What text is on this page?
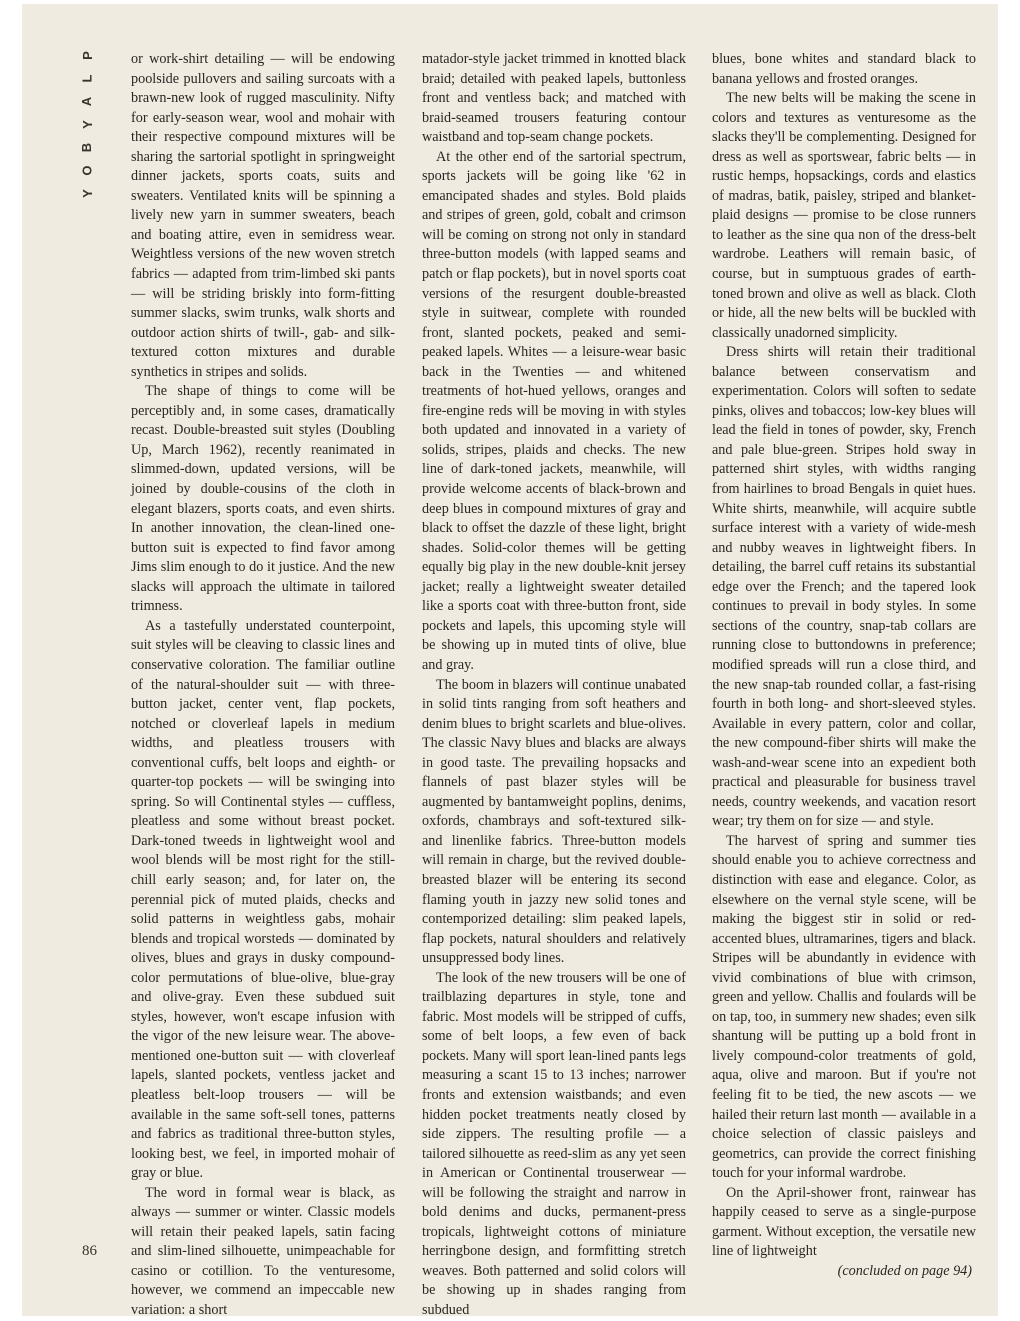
P
L
A
Y
B
O
Y
86

or work-shirt detailing — will be endowing poolside pullovers and sailing surcoats with a brawn-new look of rugged masculinity. Nifty for early-season wear, wool and mohair with their respective compound mixtures will be sharing the sartorial spotlight in springweight dinner jackets, sports coats, suits and sweaters. Ventilated knits will be spinning a lively new yarn in summer sweaters, beach and boating attire, even in semidress wear. Weightless versions of the new woven stretch fabrics — adapted from trim-limbed ski pants — will be striding briskly into form-fitting summer slacks, swim trunks, walk shorts and outdoor action shirts of twill-, gab- and silk-textured cotton mixtures and durable synthetics in stripes and solids.

The shape of things to come will be perceptibly and, in some cases, dramatically recast. Double-breasted suit styles (Doubling Up, March 1962), recently reanimated in slimmed-down, updated versions, will be joined by double-cousins of the cloth in elegant blazers, sports coats, and even shirts. In another innovation, the clean-lined one-button suit is expected to find favor among Jims slim enough to do it justice. And the new slacks will approach the ultimate in tailored trimness.

As a tastefully understated counterpoint, suit styles will be cleaving to classic lines and conservative coloration. The familiar outline of the natural-shoulder suit — with three-button jacket, center vent, flap pockets, notched or cloverleaf lapels in medium widths, and pleatless trousers with conventional cuffs, belt loops and eighth- or quarter-top pockets — will be swinging into spring. So will Continental styles — cuffless, pleatless and some without breast pocket. Dark-toned tweeds in lightweight wool and wool blends will be most right for the still-chill early season; and, for later on, the perennial pick of muted plaids, checks and solid patterns in weightless gabs, mohair blends and tropical worsteds — dominated by olives, blues and grays in dusky compound-color permutations of blue-olive, blue-gray and olive-gray. Even these subdued suit styles, however, won't escape infusion with the vigor of the new leisure wear. The above-mentioned one-button suit — with cloverleaf lapels, slanted pockets, ventless jacket and pleatless belt-loop trousers — will be available in the same soft-sell tones, patterns and fabrics as traditional three-button styles, looking best, we feel, in imported mohair of gray or blue.

The word in formal wear is black, as always — summer or winter. Classic models will retain their peaked lapels, satin facing and slim-lined silhouette, unimpeachable for casino or cotillion. To the venturesome, however, we commend an impeccable new variation: a short

matador-style jacket trimmed in knotted black braid; detailed with peaked lapels, buttonless front and ventless back; and matched with braid-seamed trousers featuring contour waistband and top-seam change pockets.

At the other end of the sartorial spectrum, sports jackets will be going like '62 in emancipated shades and styles. Bold plaids and stripes of green, gold, cobalt and crimson will be coming on strong not only in standard three-button models (with lapped seams and patch or flap pockets), but in novel sports coat versions of the resurgent double-breasted style in suitwear, complete with rounded front, slanted pockets, peaked and semi-peaked lapels. Whites — a leisure-wear basic back in the Twenties — and whitened treatments of hot-hued yellows, oranges and fire-engine reds will be moving in with styles both updated and innovated in a variety of solids, stripes, plaids and checks. The new line of dark-toned jackets, meanwhile, will provide welcome accents of black-brown and deep blues in compound mixtures of gray and black to offset the dazzle of these light, bright shades. Solid-color themes will be getting equally big play in the new double-knit jersey jacket; really a lightweight sweater detailed like a sports coat with three-button front, side pockets and lapels, this upcoming style will be showing up in muted tints of olive, blue and gray.

The boom in blazers will continue unabated in solid tints ranging from soft heathers and denim blues to bright scarlets and blue-olives. The classic Navy blues and blacks are always in good taste. The prevailing hopsacks and flannels of past blazer styles will be augmented by bantamweight poplins, denims, oxfords, chambrays and soft-textured silk- and linenlike fabrics. Three-button models will remain in charge, but the revived double-breasted blazer will be entering its second flaming youth in jazzy new solid tones and contemporized detailing: slim peaked lapels, flap pockets, natural shoulders and relatively unsuppressed body lines.

The look of the new trousers will be one of trailblazing departures in style, tone and fabric. Most models will be stripped of cuffs, some of belt loops, a few even of back pockets. Many will sport lean-lined pants legs measuring a scant 15 to 13 inches; narrower fronts and extension waistbands; and even hidden pocket treatments neatly closed by side zippers. The resulting profile — a tailored silhouette as reed-slim as any yet seen in American or Continental trouserwear — will be following the straight and narrow in bold denims and ducks, permanent-press tropicals, lightweight cottons of miniature herringbone design, and formfitting stretch weaves. Both patterned and solid colors will be showing up in shades ranging from subdued

blues, bone whites and standard black to banana yellows and frosted oranges.

The new belts will be making the scene in colors and textures as venturesome as the slacks they'll be complementing. Designed for dress as well as sportswear, fabric belts — in rustic hemps, hopsackings, cords and elastics of madras, batik, paisley, striped and blanket-plaid designs — promise to be close runners to leather as the sine qua non of the dress-belt wardrobe. Leathers will remain basic, of course, but in sumptuous grades of earth-toned brown and olive as well as black. Cloth or hide, all the new belts will be buckled with classically unadorned simplicity.

Dress shirts will retain their traditional balance between conservatism and experimentation. Colors will soften to sedate pinks, olives and tobaccos; low-key blues will lead the field in tones of powder, sky, French and pale blue-green. Stripes hold sway in patterned shirt styles, with widths ranging from hairlines to broad Bengals in quiet hues. White shirts, meanwhile, will acquire subtle surface interest with a variety of wide-mesh and nubby weaves in lightweight fibers. In detailing, the barrel cuff retains its substantial edge over the French; and the tapered look continues to prevail in body styles. In some sections of the country, snap-tab collars are running close to buttondowns in preference; modified spreads will run a close third, and the new snap-tab rounded collar, a fast-rising fourth in both long- and short-sleeved styles. Available in every pattern, color and collar, the new compound-fiber shirts will make the wash-and-wear scene into an expedient both practical and pleasurable for business travel needs, country weekends, and vacation resort wear; try them on for size — and style.

The harvest of spring and summer ties should enable you to achieve correctness and distinction with ease and elegance. Color, as elsewhere on the vernal style scene, will be making the biggest stir in solid or red-accented blues, ultramarines, tigers and black. Stripes will be abundantly in evidence with vivid combinations of blue with crimson, green and yellow. Challis and foulards will be on tap, too, in summery new shades; even silk shantung will be putting up a bold front in lively compound-color treatments of gold, aqua, olive and maroon. But if you're not feeling fit to be tied, the new ascots — we hailed their return last month — available in a choice selection of classic paisleys and geometrics, can provide the correct finishing touch for your informal wardrobe.

On the April-shower front, rainwear has happily ceased to serve as a single-purpose garment. Without exception, the versatile new line of lightweight

(concluded on page 94)
